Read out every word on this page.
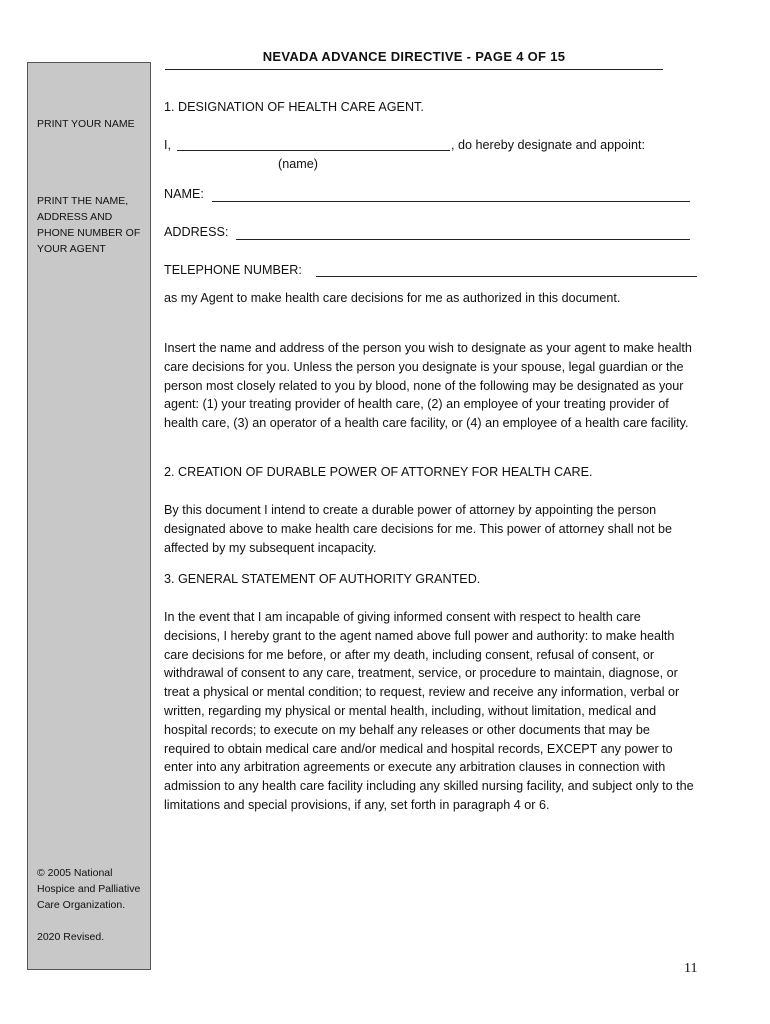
NEVADA ADVANCE DIRECTIVE - PAGE 4 OF 15
PRINT YOUR NAME
PRINT THE NAME, ADDRESS AND PHONE NUMBER OF YOUR AGENT
© 2005 National Hospice and Palliative Care Organization.
2020 Revised.
1. DESIGNATION OF HEALTH CARE AGENT.
I,	, do hereby designate and appoint:
(name)
NAME:
ADDRESS:
TELEPHONE NUMBER:
as my Agent to make health care decisions for me as authorized in this document.
Insert the name and address of the person you wish to designate as your agent to make health care decisions for you. Unless the person you designate is your spouse, legal guardian or the person most closely related to you by blood, none of the following may be designated as your agent: (1) your treating provider of health care, (2) an employee of your treating provider of health care, (3) an operator of a health care facility, or (4) an employee of a health care facility.
2. CREATION OF DURABLE POWER OF ATTORNEY FOR HEALTH CARE.
By this document I intend to create a durable power of attorney by appointing the person designated above to make health care decisions for me. This power of attorney shall not be affected by my subsequent incapacity.
3. GENERAL STATEMENT OF AUTHORITY GRANTED.
In the event that I am incapable of giving informed consent with respect to health care decisions, I hereby grant to the agent named above full power and authority: to make health care decisions for me before, or after my death, including consent, refusal of consent, or withdrawal of consent to any care, treatment, service, or procedure to maintain, diagnose, or treat a physical or mental condition; to request, review and receive any information, verbal or written, regarding my physical or mental health, including, without limitation, medical and hospital records; to execute on my behalf any releases or other documents that may be required to obtain medical care and/or medical and hospital records, EXCEPT any power to enter into any arbitration agreements or execute any arbitration clauses in connection with admission to any health care facility including any skilled nursing facility, and subject only to the limitations and special provisions, if any, set forth in paragraph 4 or 6.
11
